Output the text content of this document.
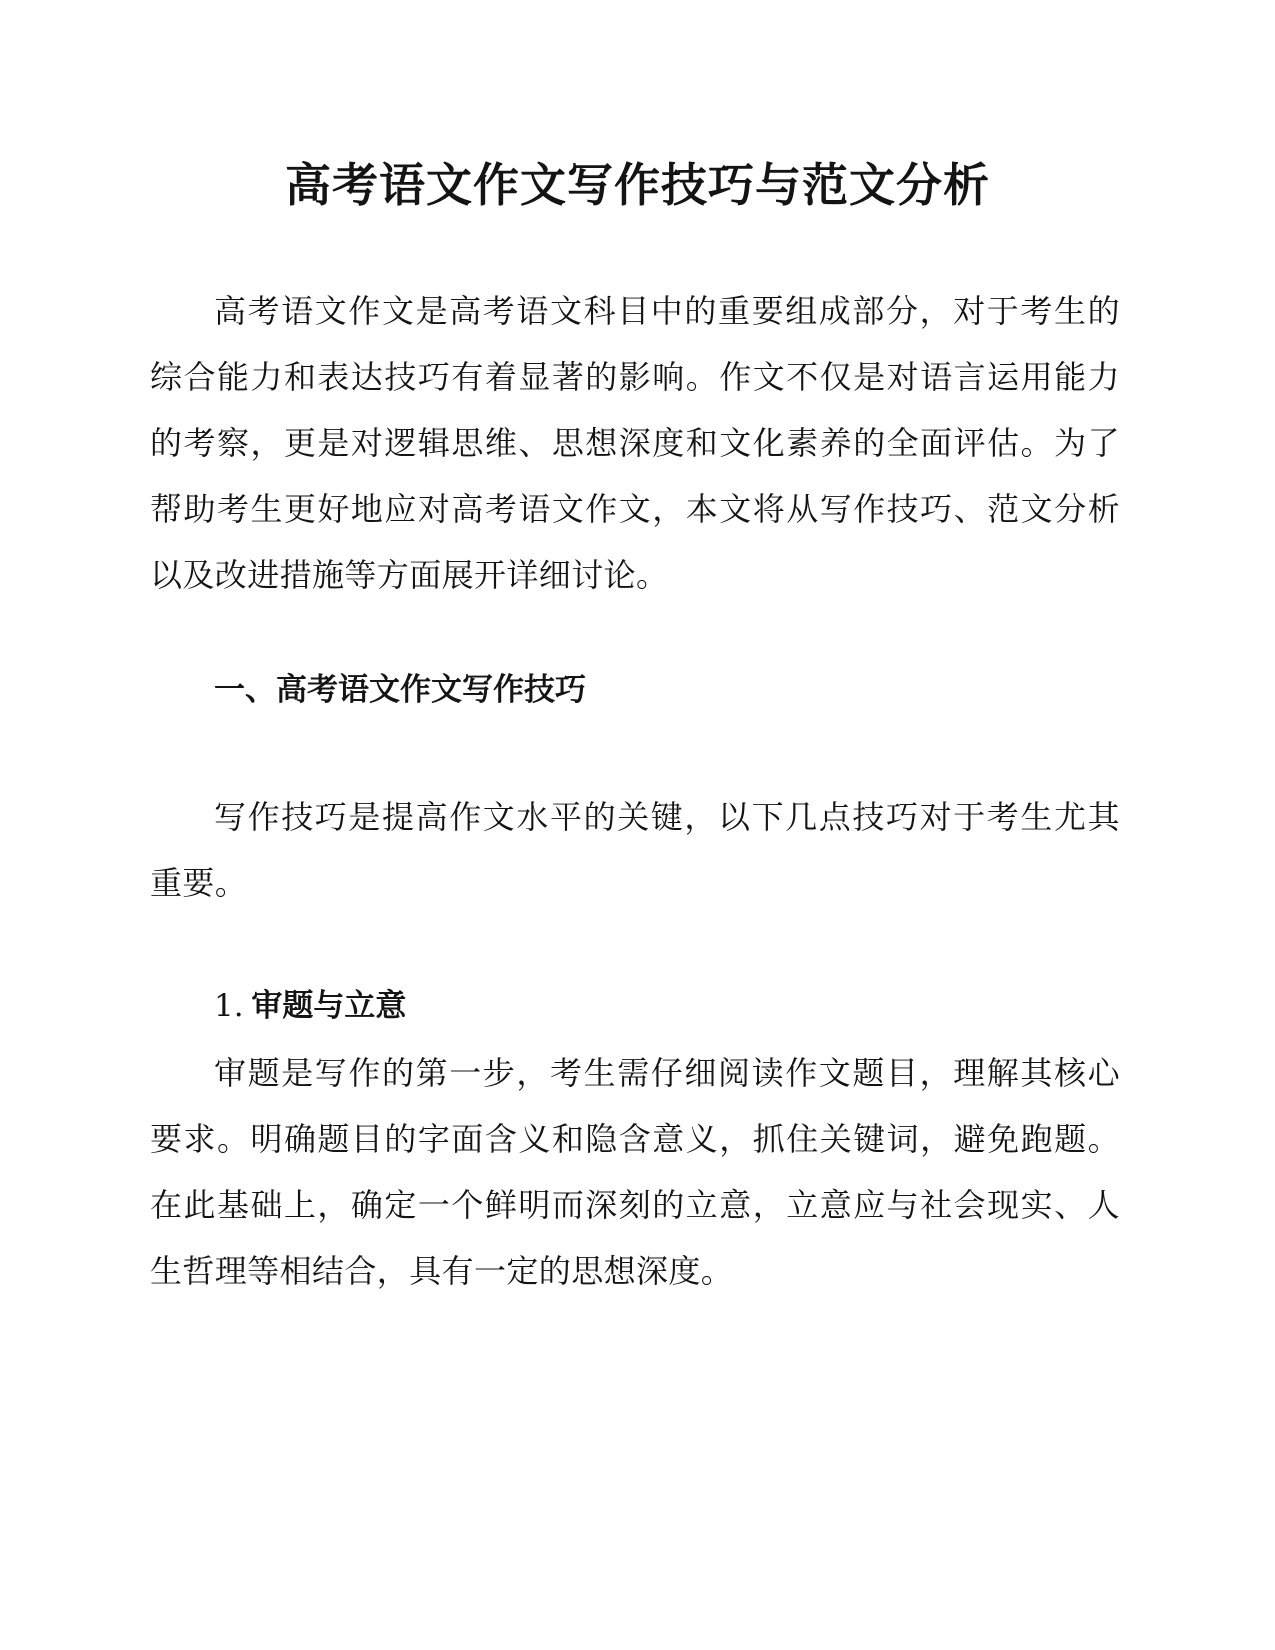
高考语文作文写作技巧与范文分析

高考语文作文是高考语文科目中的重要组成部分，对于考生的综合能力和表达技巧有着显著的影响。作文不仅是对语言运用能力的考察，更是对逻辑思维、思想深度和文化素养的全面评估。为了帮助考生更好地应对高考语文作文，本文将从写作技巧、范文分析以及改进措施等方面展开详细讨论。

一、高考语文作文写作技巧

写作技巧是提高作文水平的关键，以下几点技巧对于考生尤其重要。

1. 审题与立意

审题是写作的第一步，考生需仔细阅读作文题目，理解其核心要求。明确题目的字面含义和隐含意义，抓住关键词，避免跑题。在此基础上，确定一个鲜明而深刻的立意，立意应与社会现实、人生哲理等相结合，具有一定的思想深度。
